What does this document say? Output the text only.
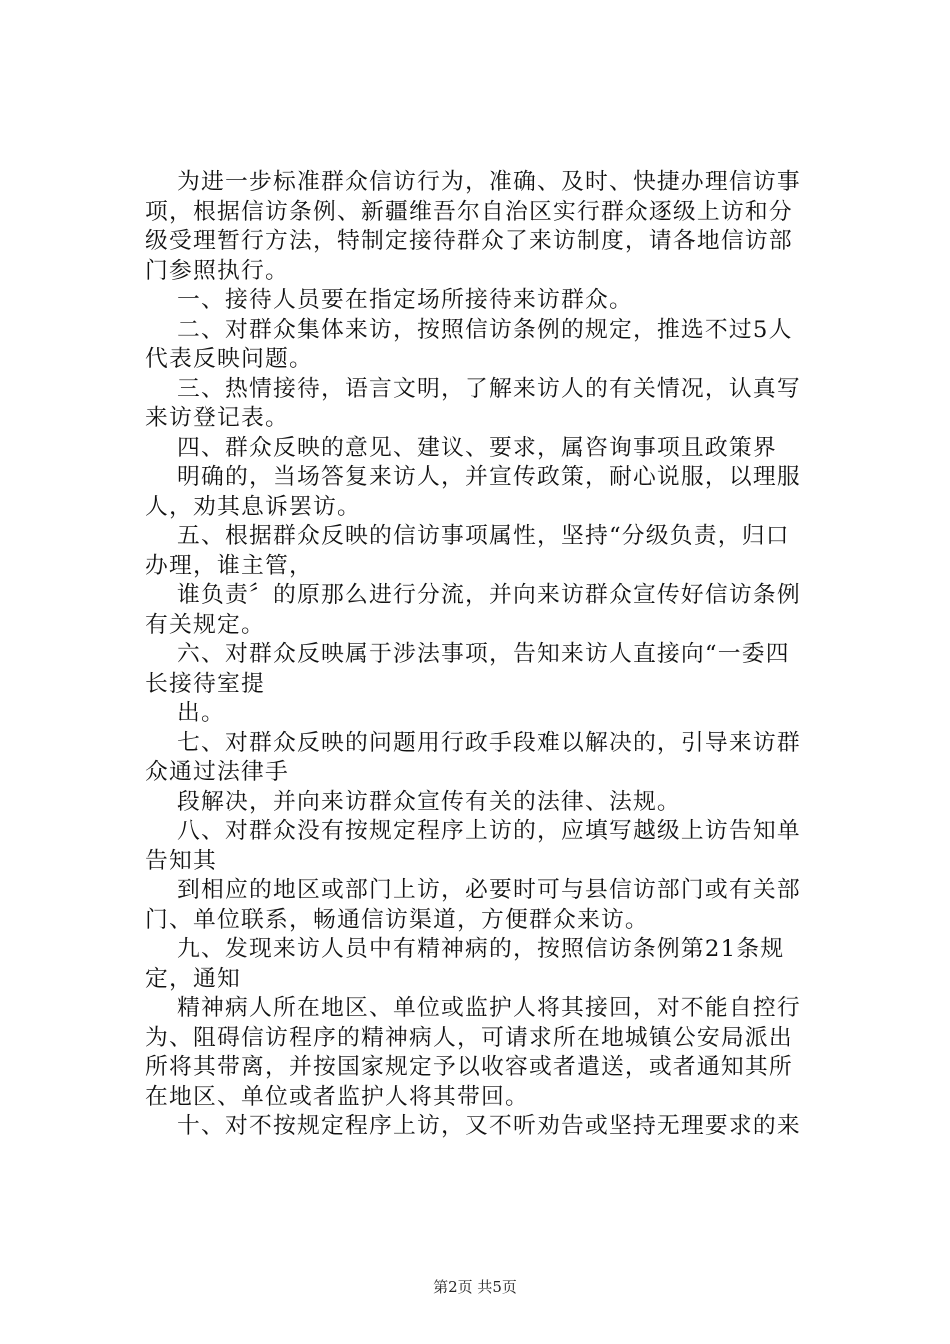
为进一步标准群众信访行为，准确、及时、快捷办理信访事
项，根据信访条例、新疆维吾尔自治区实行群众逐级上访和分
级受理暂行方法，特制定接待群众了来访制度，请各地信访部
门参照执行。
一、接待人员要在指定场所接待来访群众。
二、对群众集体来访，按照信访条例的规定，推选不过5人
代表反映问题。
三、热情接待，语言文明，了解来访人的有关情况，认真写
来访登记表。
四、群众反映的意见、建议、要求，属咨询事项且政策界
明确的，当场答复来访人，并宣传政策，耐心说服，以理服
人，劝其息诉罢访。
五、根据群众反映的信访事项属性，坚持“分级负责，归口
办理，谁主管，
谁负责〞的原那么进行分流，并向来访群众宣传好信访条例
有关规定。
六、对群众反映属于涉法事项，告知来访人直接向“一委四
长接待室提
出。
七、对群众反映的问题用行政手段难以解决的，引导来访群
众通过法律手
段解决，并向来访群众宣传有关的法律、法规。
八、对群众没有按规定程序上访的，应填写越级上访告知单
告知其
到相应的地区或部门上访，必要时可与县信访部门或有关部
门、单位联系，畅通信访渠道，方便群众来访。
九、发现来访人员中有精神病的，按照信访条例第21条规
定，通知
精神病人所在地区、单位或监护人将其接回，对不能自控行
为、阻碍信访程序的精神病人，可请求所在地城镇公安局派出
所将其带离，并按国家规定予以收容或者遣送，或者通知其所
在地区、单位或者监护人将其带回。
十、对不按规定程序上访，又不听劝告或坚持无理要求的来
第2页 共5页
